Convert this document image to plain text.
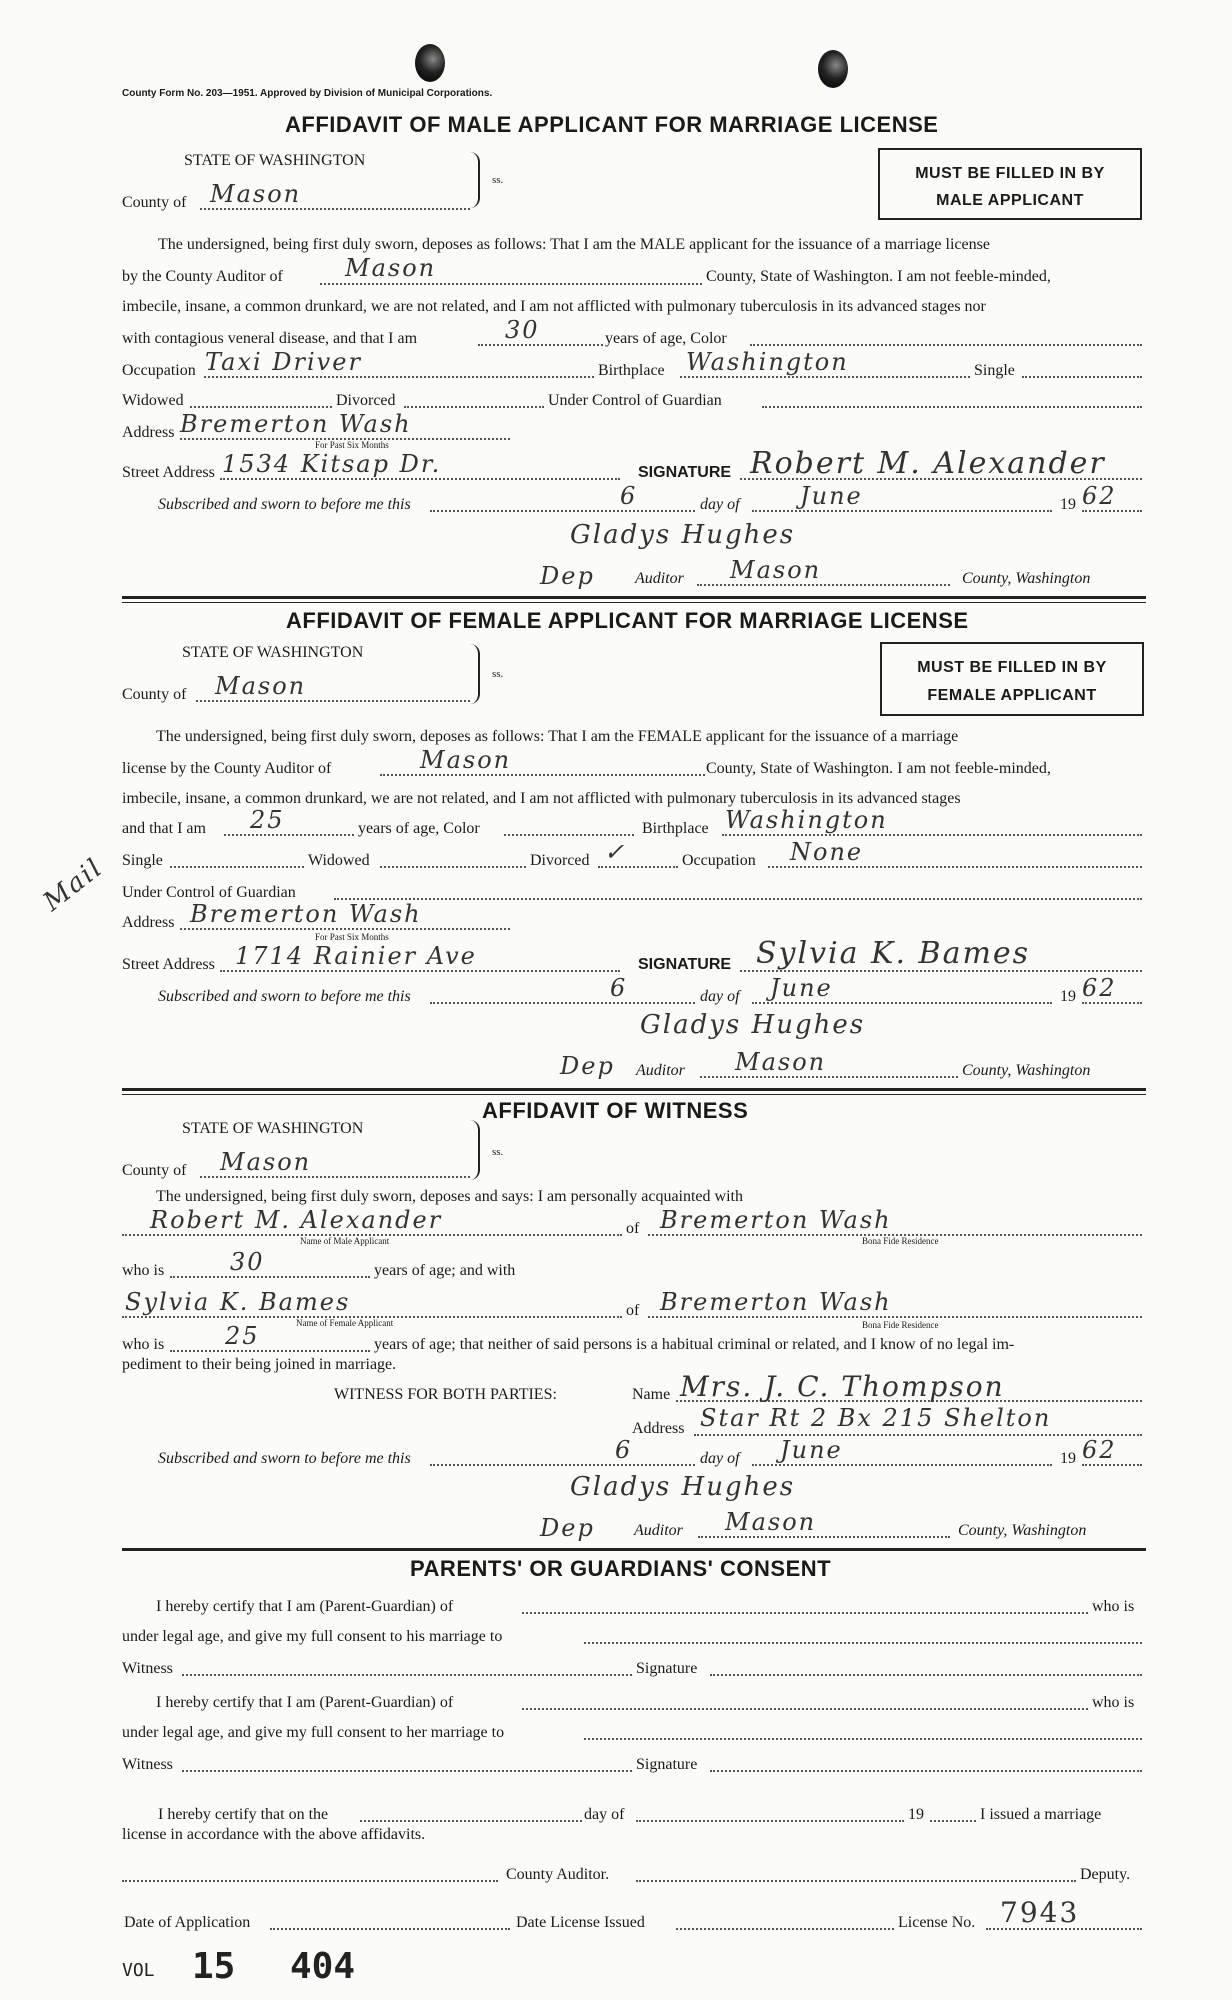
County Form No. 203—1951. Approved by Division of Municipal Corporations.
AFFIDAVIT OF MALE APPLICANT FOR MARRIAGE LICENSE
STATE OF WASHINGTON
ss.
County of Mason
MUST BE FILLED IN BY
MALE APPLICANT
The undersigned, being first duly sworn, deposes as follows: That I am the MALE applicant for the issuance of a marriage license
by the County Auditor of	Mason	County, State of Washington. I am not feeble-minded,
imbecile, insane, a common drunkard, we are not related, and I am not afflicted with pulmonary tuberculosis in its advanced stages nor
with contagious veneral disease, and that I am	30	years of age, Color
Occupation Taxi Driver	Birthplace Washington	Single
Widowed	Divorced	Under Control of Guardian
Address Bremerton Wash
For Past Six Months
Street Address 1534 Kitsap Dr.	SIGNATURE Robert M. Alexander
Subscribed and sworn to before me this	6	day of	June	19 62
Gladys Hughes
Dep	Auditor Mason	County, Washington
AFFIDAVIT OF FEMALE APPLICANT FOR MARRIAGE LICENSE
STATE OF WASHINGTON
ss.
County of Mason
MUST BE FILLED IN BY
FEMALE APPLICANT
The undersigned, being first duly sworn, deposes as follows: That I am the FEMALE applicant for the issuance of a marriage
license by the County Auditor of	Mason	County, State of Washington. I am not feeble-minded,
imbecile, insane, a common drunkard, we are not related, and I am not afflicted with pulmonary tuberculosis in its advanced stages
and that I am 25	years of age, Color	Birthplace Washington
Single	Widowed	Divorced ✓	Occupation None
Mail Under Control of Guardian
Address Bremerton Wash
For Past Six Months
Street Address 1714 Rainier Ave	SIGNATURE Sylvia K. Bames
Subscribed and sworn to before me this	6	day of June	19 62
Gladys Hughes
Dep Auditor Mason	County, Washington
AFFIDAVIT OF WITNESS
STATE OF WASHINGTON
ss.
County of Mason
The undersigned, being first duly sworn, deposes and says: I am personally acquainted with
Robert M. Alexander
Name of Male Applicant
of Bremerton Wash
Bona Fide Residence
who is	30	years of age; and with
Sylvia K. Bames
Name of Female Applicant
of Bremerton Wash
Bona Fide Residence
who is	25	years of age; that neither of said persons is a habitual criminal or related, and I know of no legal im-
pediment to their being joined in marriage.
WITNESS FOR BOTH PARTIES:	Name Mrs. J. C. Thompson
Address Star Rt 2 Bx 215 Shelton
Subscribed and sworn to before me this	6	day of June	19 62
Gladys Hughes
Dep Auditor Mason	County, Washington
PARENTS' OR GUARDIANS' CONSENT
I hereby certify that I am (Parent-Guardian) of	who is
under legal age, and give my full consent to his marriage to
Witness	Signature
I hereby certify that I am (Parent-Guardian) of	who is
under legal age, and give my full consent to her marriage to
Witness	Signature
I hereby certify that on the	day of	19	I issued a marriage
license in accordance with the above affidavits.
County Auditor.	Deputy.
Date of Application	Date License Issued	License No. 7943
VOL 15 404
